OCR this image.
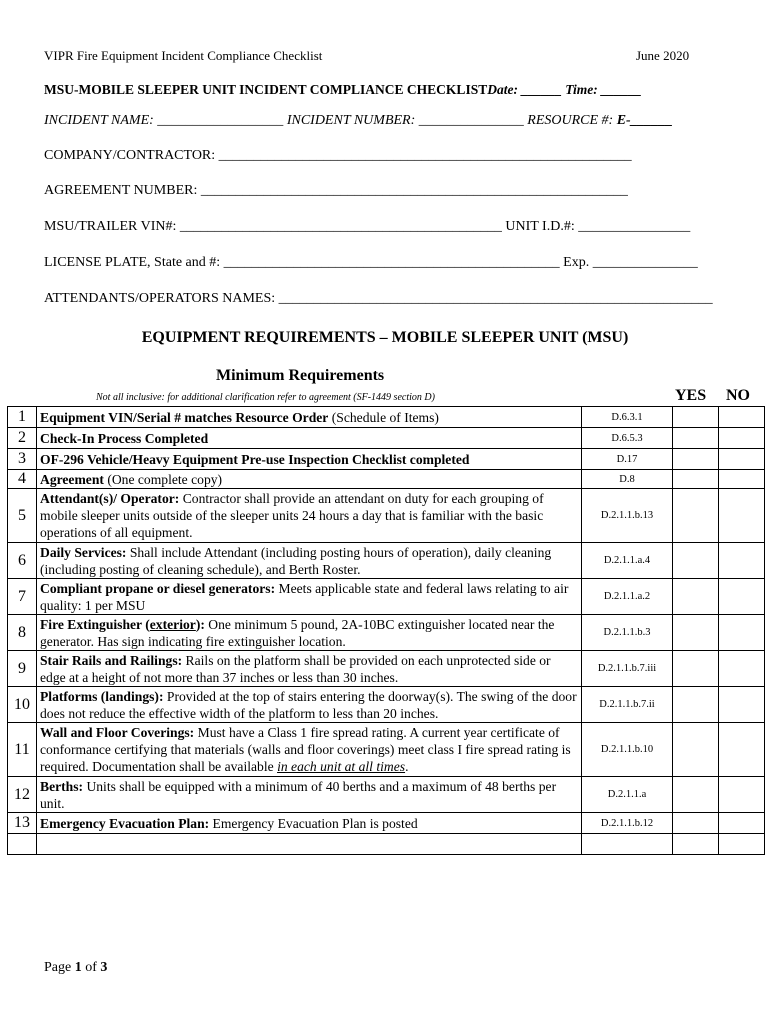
VIPR Fire Equipment Incident Compliance Checklist	June 2020
MSU-MOBILE SLEEPER UNIT INCIDENT COMPLIANCE CHECKLISTDate: ______ Time: ______
INCIDENT NAME: __________________ INCIDENT NUMBER: _______________ RESOURCE #: E-______
COMPANY/CONTRACTOR: ___________________________________________________________
AGREEMENT NUMBER: _____________________________________________________________
MSU/TRAILER VIN#: ______________________________________________ UNIT I.D.#: ________________
LICENSE PLATE, State and #: ________________________________________________ Exp. _______________
ATTENDANTS/OPERATORS NAMES: ______________________________________________________________
EQUIPMENT REQUIREMENTS – MOBILE SLEEPER UNIT (MSU)
Minimum Requirements
Not all inclusive: for additional clarification refer to agreement (SF-1449 section D)	YES NO
1	Equipment VIN/Serial # matches Resource Order (Schedule of Items)	D.6.3.1		
2	Check-In Process Completed	D.6.5.3		
3	OF-296 Vehicle/Heavy Equipment Pre-use Inspection Checklist completed	D.17		
4	Agreement (One complete copy)	D.8		
5	Attendant(s)/ Operator: Contractor shall provide an attendant on duty for each grouping of mobile sleeper units outside of the sleeper units 24 hours a day that is familiar with the basic operations of all equipment.	D.2.1.1.b.13		
6	Daily Services: Shall include Attendant (including posting hours of operation), daily cleaning (including posting of cleaning schedule), and Berth Roster.	D.2.1.1.a.4		
7	Compliant propane or diesel generators: Meets applicable state and federal laws relating to air quality: 1 per MSU	D.2.1.1.a.2		
8	Fire Extinguisher (exterior): One minimum 5 pound, 2A-10BC extinguisher located near the generator. Has sign indicating fire extinguisher location.	D.2.1.1.b.3		
9	Stair Rails and Railings: Rails on the platform shall be provided on each unprotected side or edge at a height of not more than 37 inches or less than 30 inches.	D.2.1.1.b.7.iii		
10	Platforms (landings): Provided at the top of stairs entering the doorway(s). The swing of the door does not reduce the effective width of the platform to less than 20 inches.	D.2.1.1.b.7.ii		
11	Wall and Floor Coverings: Must have a Class 1 fire spread rating. A current year certificate of conformance certifying that materials (walls and floor coverings) meet class I fire spread rating is required. Documentation shall be available in each unit at all times.	D.2.1.1.b.10		
12	Berths: Units shall be equipped with a minimum of 40 berths and a maximum of 48 berths per unit.	D.2.1.1.a		
13	Emergency Evacuation Plan: Emergency Evacuation Plan is posted	D.2.1.1.b.12		

Page 1 of 3
